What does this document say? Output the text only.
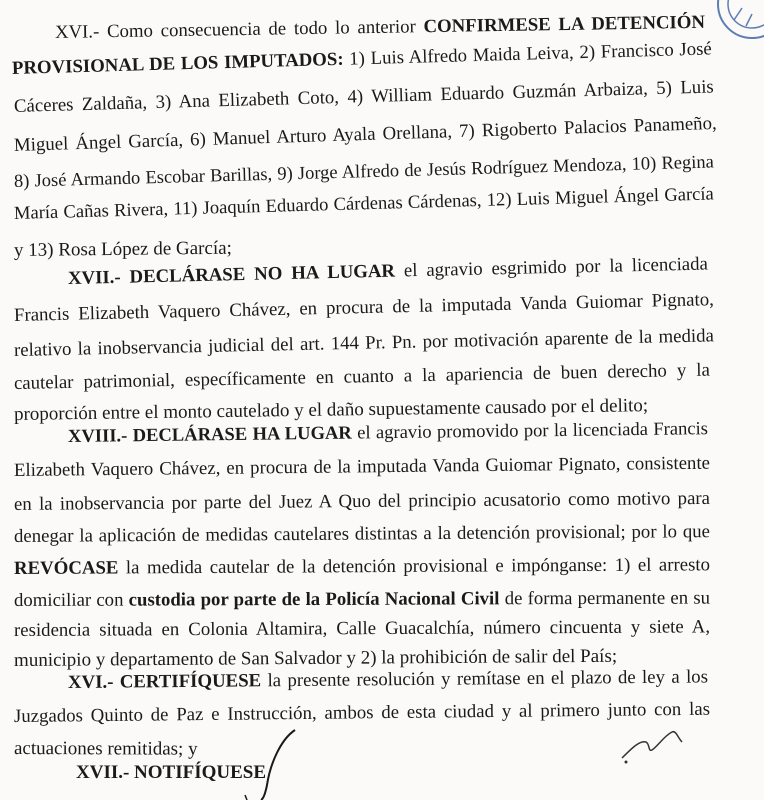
XVI.- Como consecuencia de todo lo anterior CONFIRMESE LA DETENCIÓN
PROVISIONAL DE LOS IMPUTADOS: 1) Luis Alfredo Maida Leiva, 2) Francisco José
Cáceres Zaldaña, 3) Ana Elizabeth Coto, 4) William Eduardo Guzmán Arbaiza, 5) Luis
Miguel Ángel García, 6) Manuel Arturo Ayala Orellana, 7) Rigoberto Palacios Panameño,
8) José Armando Escobar Barillas, 9) Jorge Alfredo de Jesús Rodríguez Mendoza, 10) Regina
María Cañas Rivera, 11) Joaquín Eduardo Cárdenas Cárdenas, 12) Luis Miguel Ángel García
y 13) Rosa López de García;
XVII.- DECLÁRASE NO HA LUGAR el agravio esgrimido por la licenciada
Francis Elizabeth Vaquero Chávez, en procura de la imputada Vanda Guiomar Pignato,
relativo la inobservancia judicial del art. 144 Pr. Pn. por motivación aparente de la medida
cautelar patrimonial, específicamente en cuanto a la apariencia de buen derecho y la
proporción entre el monto cautelado y el daño supuestamente causado por el delito;
XVIII.- DECLÁRASE HA LUGAR el agravio promovido por la licenciada Francis
Elizabeth Vaquero Chávez, en procura de la imputada Vanda Guiomar Pignato, consistente
en la inobservancia por parte del Juez A Quo del principio acusatorio como motivo para
denegar la aplicación de medidas cautelares distintas a la detención provisional; por lo que
REVÓCASE la medida cautelar de la detención provisional e impónganse: 1) el arresto
domiciliar con custodia por parte de la Policía Nacional Civil de forma permanente en su
residencia situada en Colonia Altamira, Calle Guacalchía, número cincuenta y siete A,
municipio y departamento de San Salvador y 2) la prohibición de salir del País;
XVI.- CERTIFÍQUESE la presente resolución y remítase en el plazo de ley a los
Juzgados Quinto de Paz e Instrucción, ambos de esta ciudad y al primero junto con las
actuaciones remitidas; y
XVII.- NOTIFÍQUESE
